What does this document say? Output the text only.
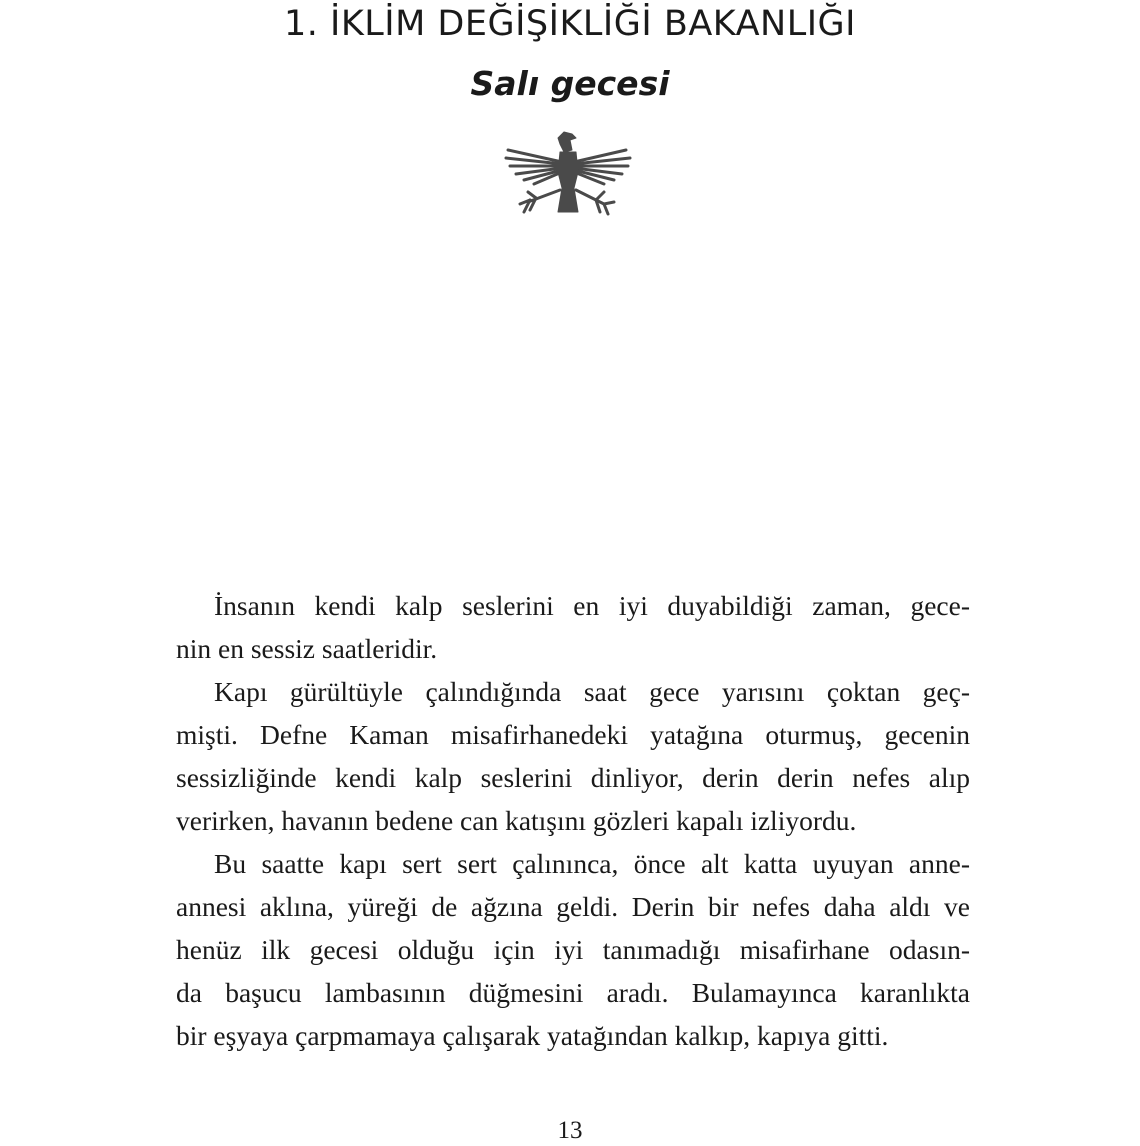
1. İKLİM DEĞİŞİKLİĞİ BAKANLIĞI
Salı gecesi

İnsanın kendi kalp seslerini en iyi duyabildiği zaman, gece-
nin en sessiz saatleridir.

Kapı gürültüyle çalındığında saat gece yarısını çoktan geç-
mişti. Defne Kaman misafirhanedeki yatağına oturmuş, gecenin
sessizliğinde kendi kalp seslerini dinliyor, derin derin nefes alıp
verirken, havanın bedene can katışını gözleri kapalı izliyordu.

Bu saatte kapı sert sert çalınınca, önce alt katta uyuyan anne-
annesi aklına, yüreği de ağzına geldi. Derin bir nefes daha aldı ve
henüz ilk gecesi olduğu için iyi tanımadığı misafirhane odasın-
da başucu lambasının düğmesini aradı. Bulamayınca karanlıkta
bir eşyaya çarpmamaya çalışarak yatağından kalkıp, kapıya gitti.

13
